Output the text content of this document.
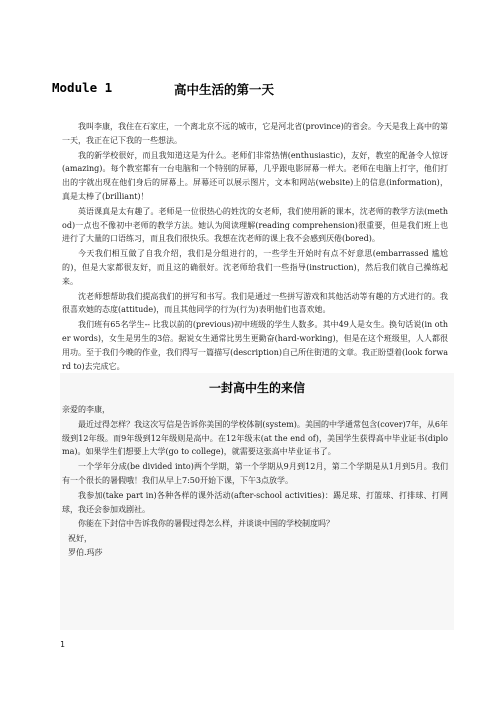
Module 1	高中生活的第一天

我叫李康，我住在石家庄，一个离北京不远的城市，它是河北省(province)的省会。今天是我上高中的第一天，我正在记下我的一些想法。

我的新学校很好，而且我知道这是为什么。老师们非常热情(enthusiastic)，友好，教室的配备令人惊讶(amazing)。每个教室都有一台电脑和一个特别的屏幕，几乎跟电影屏幕一样大。老师在电脑上打字，他们打出的字就出现在他们身后的屏幕上。屏幕还可以展示图片，文本和网站(website)上的信息(information)，真是太棒了(brilliant)！

英语课真是太有趣了。老师是一位很热心的姓沈的女老师，我们使用新的课本，沈老师的教学方法(method)一点也不像初中老师的教学方法。她认为阅读理解(reading comprehension)很重要，但是我们班上也进行了大量的口语练习，而且我们很快乐。我想在沈老师的课上我不会感到厌倦(bored)。

今天我们相互做了自我介绍，我们是分组进行的，一些学生开始时有点不好意思(embarrassed 尴尬的)，但是大家都很友好，而且这的确很好。沈老师给我们一些指导(instruction)，然后我们就自己操练起来。

沈老师想帮助我们提高我们的拼写和书写。我们是通过一些拼写游戏和其他活动等有趣的方式进行的。我很喜欢她的态度(attitude)，而且其他同学的行为(行为)表明他们也喜欢她。

我们班有65名学生-- 比我以前的(previous)初中班级的学生人数多。其中49人是女生。换句话说(in other words)，女生是男生的3倍。据说女生通常比男生更勤奋(hard-working)，但是在这个班级里，人人都很用功。至于我们今晚的作业，我们得写一篇描写(description)自己所住街道的文章。我正盼望着(look forward to)去完成它。

一封高中生的来信

亲爱的李康，

最近过得怎样？我这次写信是告诉你美国的学校体制(system)。美国的中学通常包含(cover)7年，从6年级到12年级。而9年级到12年级则是高中。在12年级末(at the end of)，美国学生获得高中毕业证书(diploma)。如果学生们想要上大学(go to college)，就需要这张高中毕业证书了。

一个学年分成(be divided into)两个学期，第一个学期从9月到12月，第二个学期是从1月到5月。我们有一个很长的暑假哦！我们从早上7:50开始下课，下午3点放学。

我参加(take part in)各种各样的课外活动(after-school activities)：踢足球、打篮球、打排球、打网球，我还会参加戏剧社。

你能在下封信中告诉我你的暑假过得怎么样，并谈谈中国的学校制度吗？

祝好，

罗伯.玛莎

1
